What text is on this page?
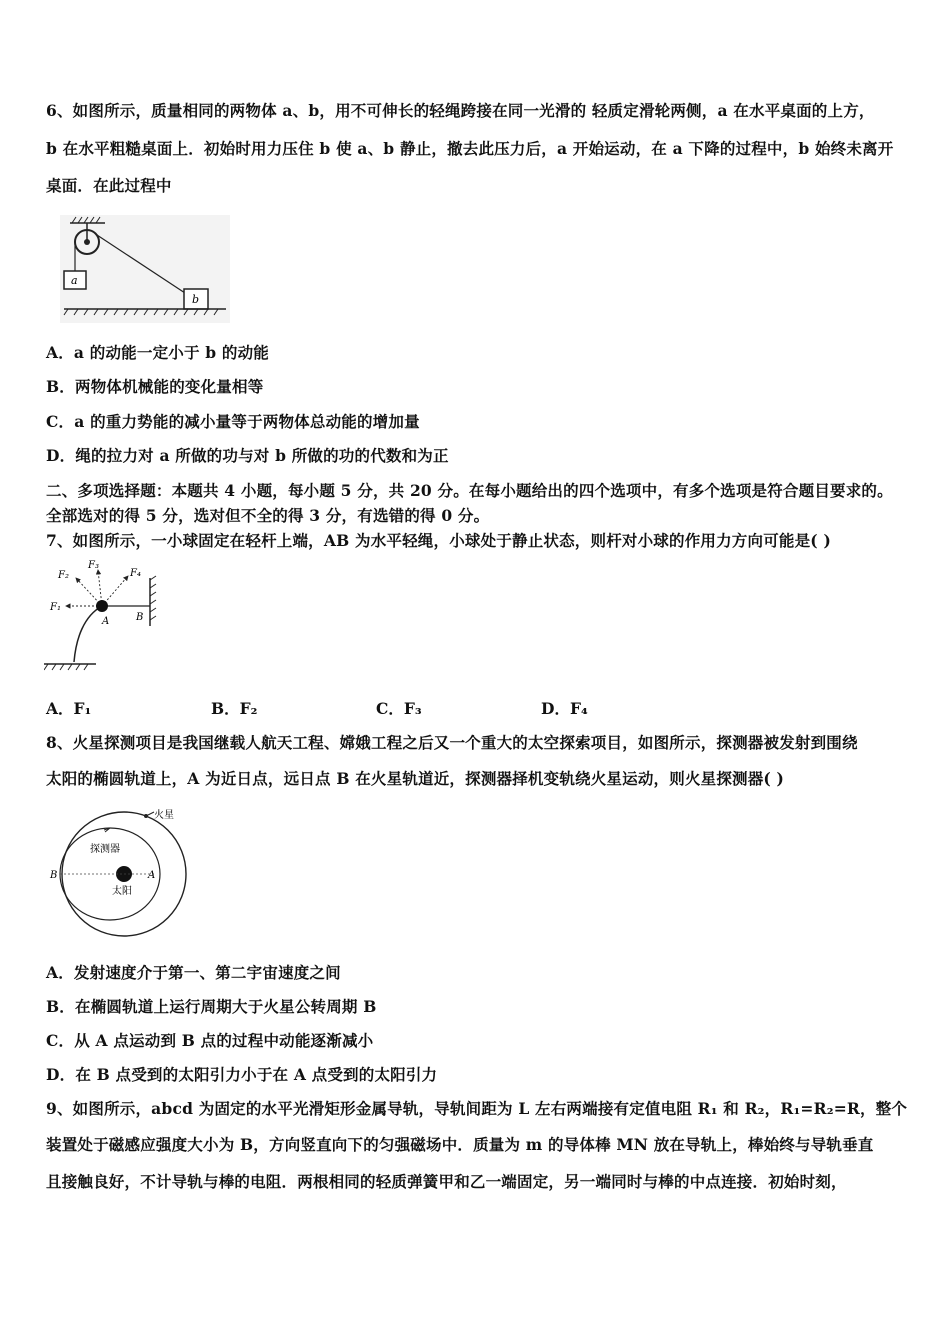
6、如图所示，质量相同的两物体 a、b，用不可伸长的轻绳跨接在同一光滑的 轻质定滑轮两侧，a 在水平桌面的上方，
b 在水平粗糙桌面上．初始时用力压住 b 使 a、b 静止，撤去此压力后，a 开始运动，在 a 下降的过程中，b 始终未离开
桌面．在此过程中
a
b
A．a 的动能一定小于 b 的动能
B．两物体机械能的变化量相等
C．a 的重力势能的减小量等于两物体总动能的增加量
D．绳的拉力对 a 所做的功与对 b 所做的功的代数和为正
二、多项选择题：本题共 4 小题，每小题 5 分，共 20 分。在每小题给出的四个选项中，有多个选项是符合题目要求的。
全部选对的得 5 分，选对但不全的得 3 分，有选错的得 0 分。
7、如图所示，一小球固定在轻杆上端，AB 为水平轻绳，小球处于静止状态，则杆对小球的作用力方向可能是( )
F₁
F₂
F₃
F₄
A	B
A．F₁	B．F₂	C．F₃	D．F₄
8、火星探测项目是我国继载人航天工程、嫦娥工程之后又一个重大的太空探索项目，如图所示，探测器被发射到围绕
太阳的椭圆轨道上，A 为近日点，远日点 B 在火星轨道近，探测器择机变轨绕火星运动，则火星探测器( )
火星
探测器
太阳
A
B
A．发射速度介于第一、第二宇宙速度之间
B．在椭圆轨道上运行周期大于火星公转周期 B
C．从 A 点运动到 B 点的过程中动能逐渐减小
D．在 B 点受到的太阳引力小于在 A 点受到的太阳引力
9、如图所示，abcd 为固定的水平光滑矩形金属导轨，导轨间距为 L 左右两端接有定值电阻 R₁ 和 R₂，R₁=R₂=R，整个
装置处于磁感应强度大小为 B，方向竖直向下的匀强磁场中．质量为 m 的导体棒 MN 放在导轨上，棒始终与导轨垂直
且接触良好，不计导轨与棒的电阻．两根相同的轻质弹簧甲和乙一端固定，另一端同时与棒的中点连接．初始时刻，
